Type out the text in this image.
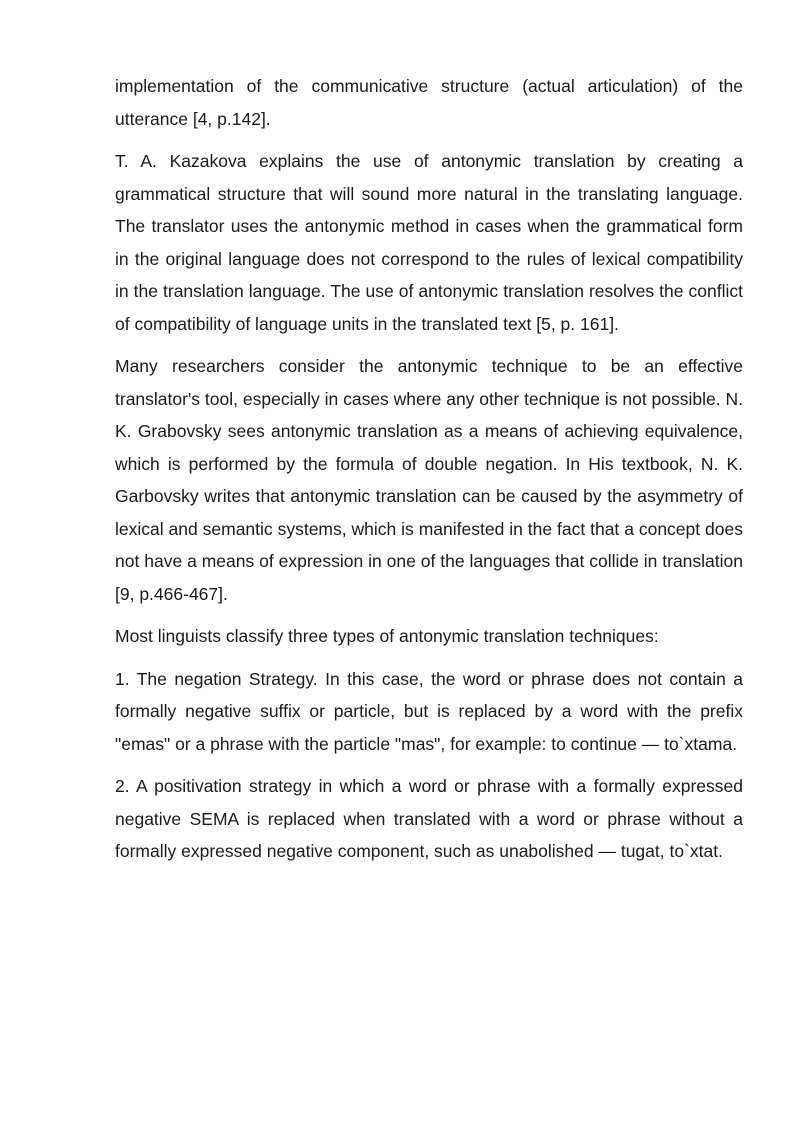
implementation of the communicative structure (actual articulation) of the utterance [4, p.142].

T. A. Kazakova explains the use of antonymic translation by creating a grammatical structure that will sound more natural in the translating language. The translator uses the antonymic method in cases when the grammatical form in the original language does not correspond to the rules of lexical compatibility in the translation language. The use of antonymic translation resolves the conflict of compatibility of language units in the translated text [5, p. 161].

Many researchers consider the antonymic technique to be an effective translator's tool, especially in cases where any other technique is not possible. N. K. Grabovsky sees antonymic translation as a means of achieving equivalence, which is performed by the formula of double negation. In His textbook, N. K. Garbovsky writes that antonymic translation can be caused by the asymmetry of lexical and semantic systems, which is manifested in the fact that a concept does not have a means of expression in one of the languages that collide in translation [9, p.466-467].

Most linguists classify three types of antonymic translation techniques:

1. The negation Strategy. In this case, the word or phrase does not contain a formally negative suffix or particle, but is replaced by a word with the prefix "emas" or a phrase with the particle "mas", for example: to continue — to`xtama.

2. A positivation strategy in which a word or phrase with a formally expressed negative SEMA is replaced when translated with a word or phrase without a formally expressed negative component, such as unabolished — tugat, to`xtat.
